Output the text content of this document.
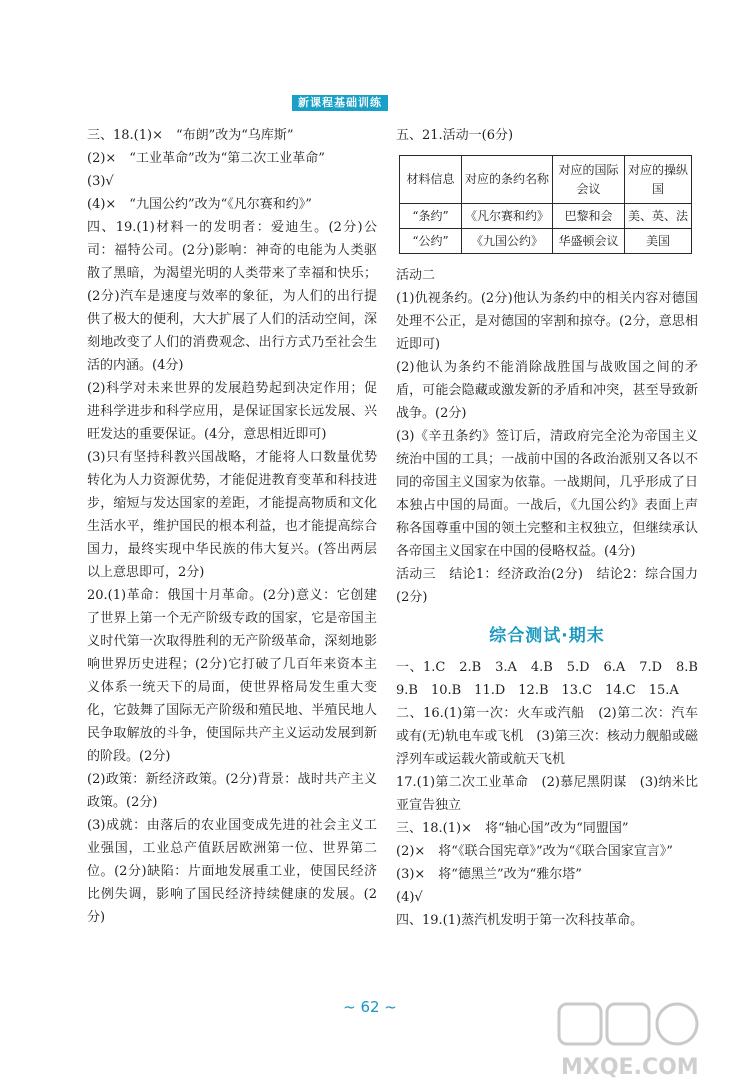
新课程基础训练

三、18.(1)×　“布朗”改为“乌库斯”

(2)×　“工业革命”改为“第二次工业革命”

(3)√

(4)×　“九国公约”改为“《凡尔赛和约》”

四、19.(1)材料一的发明者：爱迪生。(2分)公司：福特公司。(2分)影响：神奇的电能为人类驱散了黑暗，为渴望光明的人类带来了幸福和快乐；(2分)汽车是速度与效率的象征，为人们的出行提供了极大的便利，大大扩展了人们的活动空间，深刻地改变了人们的消费观念、出行方式乃至社会生活的内涵。(4分)

(2)科学对未来世界的发展趋势起到决定作用；促进科学进步和科学应用，是保证国家长远发展、兴旺发达的重要保证。(4分，意思相近即可)

(3)只有坚持科教兴国战略，才能将人口数量优势转化为人力资源优势，才能促进教育变革和科技进步，缩短与发达国家的差距，才能提高物质和文化生活水平，维护国民的根本利益，也才能提高综合国力，最终实现中华民族的伟大复兴。(答出两层以上意思即可，2分)

20.(1)革命：俄国十月革命。(2分)意义：它创建了世界上第一个无产阶级专政的国家，它是帝国主义时代第一次取得胜利的无产阶级革命，深刻地影响世界历史进程；(2分)它打破了几百年来资本主义体系一统天下的局面，使世界格局发生重大变化，它鼓舞了国际无产阶级和殖民地、半殖民地人民争取解放的斗争，使国际共产主义运动发展到新的阶段。(2分)

(2)政策：新经济政策。(2分)背景：战时共产主义政策。(2分)

(3)成就：由落后的农业国变成先进的社会主义工业强国，工业总产值跃居欧洲第一位、世界第二位。(2分)缺陷：片面地发展重工业，使国民经济比例失调，影响了国民经济持续健康的发展。(2分)

五、21.活动一(6分)

材料信息	对应的条约名称	对应的国际会议	对应的操纵国
“条约”	《凡尔赛和约》	巴黎和会	美、英、法
“公约”	《九国公约》	华盛顿会议	美国

活动二

(1)仇视条约。(2分)他认为条约中的相关内容对德国处理不公正，是对德国的宰割和掠夺。(2分，意思相近即可)

(2)他认为条约不能消除战胜国与战败国之间的矛盾，可能会隐藏或激发新的矛盾和冲突，甚至导致新战争。(2分)

(3)《辛丑条约》签订后，清政府完全沦为帝国主义统治中国的工具；一战前中国的各政治派别又各以不同的帝国主义国家为依靠。一战期间，几乎形成了日本独占中国的局面。一战后，《九国公约》表面上声称各国尊重中国的领土完整和主权独立，但继续承认各帝国主义国家在中国的侵略权益。(4分)

活动三　结论1：经济政治(2分)　结论2：综合国力(2分)

综合测试·期末

一、1.C　2.B　3.A　4.B　5.D　6.A　7.D　8.B　9.B　10.B　11.D　12.B　13.C　14.C　15.A

二、16.(1)第一次：火车或汽船　(2)第二次：汽车或有(无)轨电车或飞机　(3)第三次：核动力舰船或磁浮列车或运载火箭或航天飞机

17.(1)第二次工业革命　(2)慕尼黑阴谋　(3)纳米比亚宣告独立

三、18.(1)×　将“轴心国”改为“同盟国”

(2)×　将“《联合国宪章》”改为“《联合国家宣言》”

(3)×　将“德黑兰”改为“雅尔塔”

(4)√

四、19.(1)蒸汽机发明于第一次科技革命。

~ 62 ~
MXQE.COM
